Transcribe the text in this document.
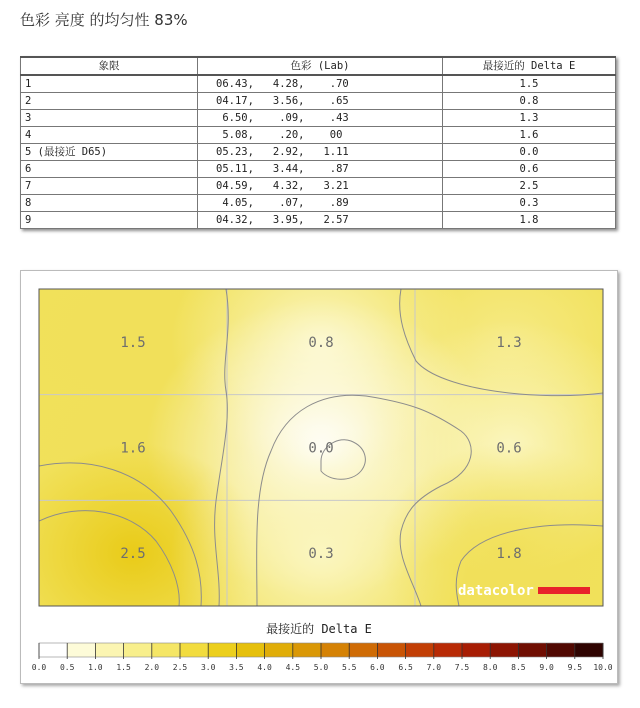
色彩 亮度 的均匀性 83%
象限	色彩 (Lab)	最接近的 Delta E
1	06.43,   4.28,    .70	1.5
2	04.17,   3.56,    .65	0.8
3	6.50,    .09,    .43	1.3
4	5.08,    .20,    00	1.6
5 (最接近 D65)	05.23,   2.92,   1.11	0.0
6	05.11,   3.44,    .87	0.6
7	04.59,   4.32,   3.21	2.5
8	4.05,    .07,    .89	0.3
9	04.32,   3.95,   2.57	1.8
1.5	0.8	1.3
1.6	0.0	0.6
2.5	0.3	1.8
datacolor
最接近的 Delta E
0.0 0.5 1.0 1.5 2.0 2.5 3.0 3.5 4.0 4.5 5.0 5.5 6.0 6.5 7.0 7.5 8.0 8.5 9.0 9.5 10.0
